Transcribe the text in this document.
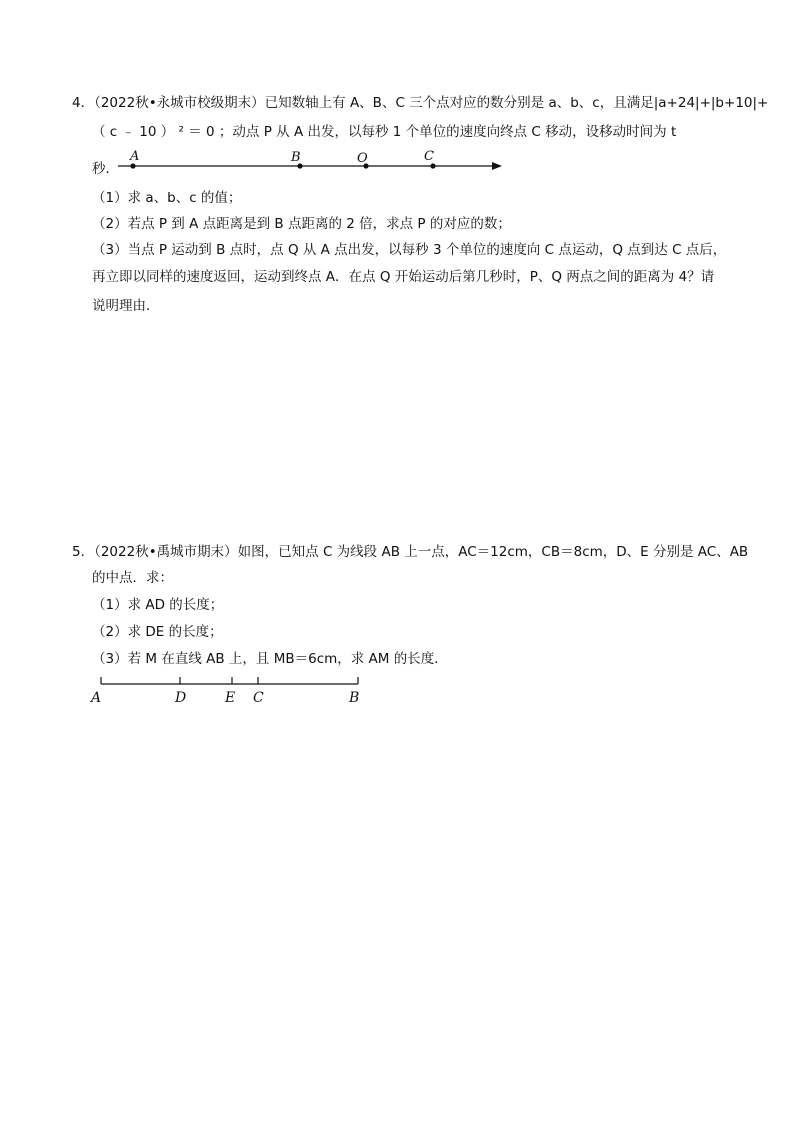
4．（2022秋•永城市校级期末）已知数轴上有 A、B、C 三个点对应的数分别是 a、b、c，且满足|a+24|+|b+10|+
（ c ﹣ 10 ） ² ＝ 0 ；动点 P 从 A 出发，以每秒 1 个单位的速度向终点 C 移动，设移动时间为 t
秒．
（1）求 a、b、c 的值；
（2）若点 P 到 A 点距离是到 B 点距离的 2 倍，求点 P 的对应的数；
（3）当点 P 运动到 B 点时，点 Q 从 A 点出发，以每秒 3 个单位的速度向 C 点运动，Q 点到达 C 点后，
再立即以同样的速度返回，运动到终点 A．在点 Q 开始运动后第几秒时，P、Q 两点之间的距离为 4？请
说明理由．
5．（2022秋•禹城市期末）如图，已知点 C 为线段 AB 上一点，AC＝12cm，CB＝8cm，D、E 分别是 AC、AB
的中点．求：
（1）求 AD 的长度；
（2）求 DE 的长度；
（3）若 M 在直线 AB 上，且 MB＝6cm，求 AM 的长度．
A	B	O	C
A	D	E C	B
